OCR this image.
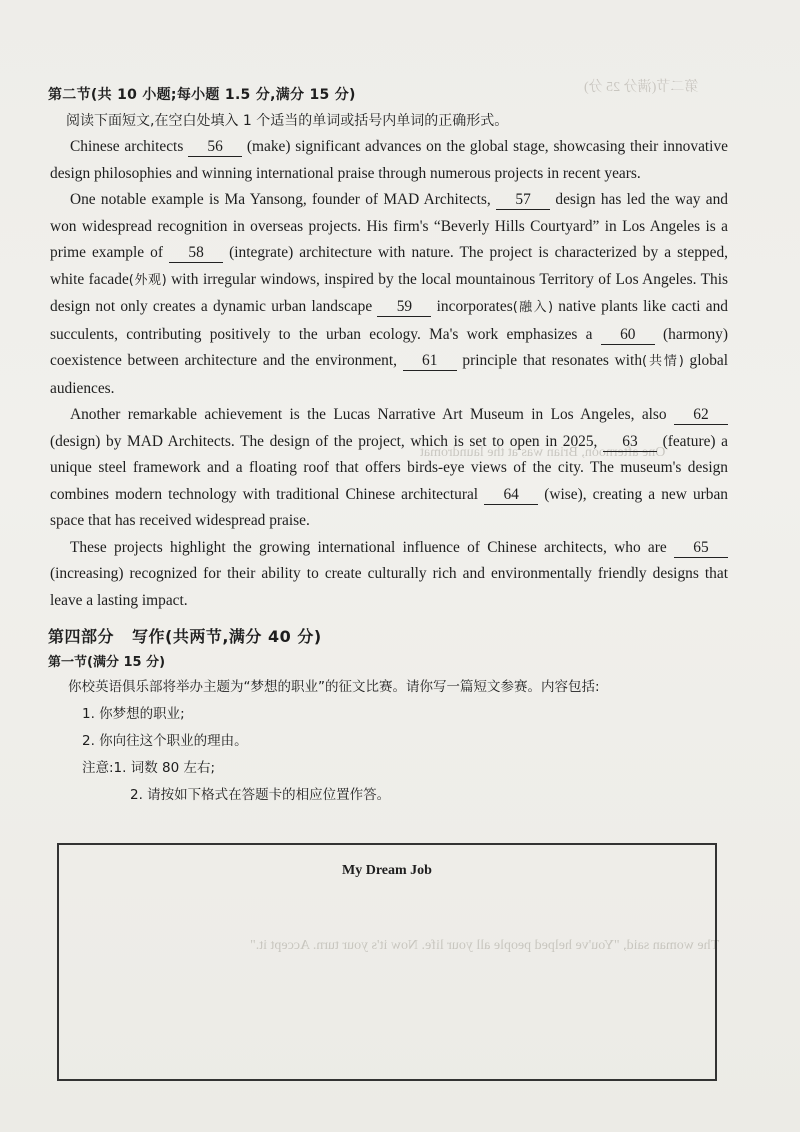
第二节(满分 25 分)
One afternoon, Brian was at the laundromat
The woman said, "You've helped people all your life. Now it's your turn. Accept it."
第二节(共 10 小题;每小题 1.5 分,满分 15 分)
阅读下面短文,在空白处填入 1 个适当的单词或括号内单词的正确形式。

Chinese architects 56 (make) significant advances on the global stage, showcasing their innovative design philosophies and winning international praise through numerous projects in recent years.

One notable example is Ma Yansong, founder of MAD Architects, 57 design has led the way and won widespread recognition in overseas projects. His firm's “Beverly Hills Courtyard” in Los Angeles is a prime example of 58 (integrate) architecture with nature. The project is characterized by a stepped, white facade(外观) with irregular windows, inspired by the local mountainous Territory of Los Angeles. This design not only creates a dynamic urban landscape 59 incorporates(融入) native plants like cacti and succulents, contributing positively to the urban ecology. Ma's work emphasizes a 60 (harmony) coexistence between architecture and the environment, 61 principle that resonates with(共情) global audiences.

Another remarkable achievement is the Lucas Narrative Art Museum in Los Angeles, also 62 (design) by MAD Architects. The design of the project, which is set to open in 2025, 63 (feature) a unique steel framework and a floating roof that offers birds-eye views of the city. The museum's design combines modern technology with traditional Chinese architectural 64 (wise), creating a new urban space that has received widespread praise.

These projects highlight the growing international influence of Chinese architects, who are 65 (increasing) recognized for their ability to create culturally rich and environmentally friendly designs that leave a lasting impact.

第四部分 写作(共两节,满分 40 分)
第一节(满分 15 分)
你校英语俱乐部将举办主题为“梦想的职业”的征文比赛。请你写一篇短文参赛。内容包括:
1. 你梦想的职业;
2. 你向往这个职业的理由。
注意:1. 词数 80 左右;
2. 请按如下格式在答题卡的相应位置作答。
My Dream Job
